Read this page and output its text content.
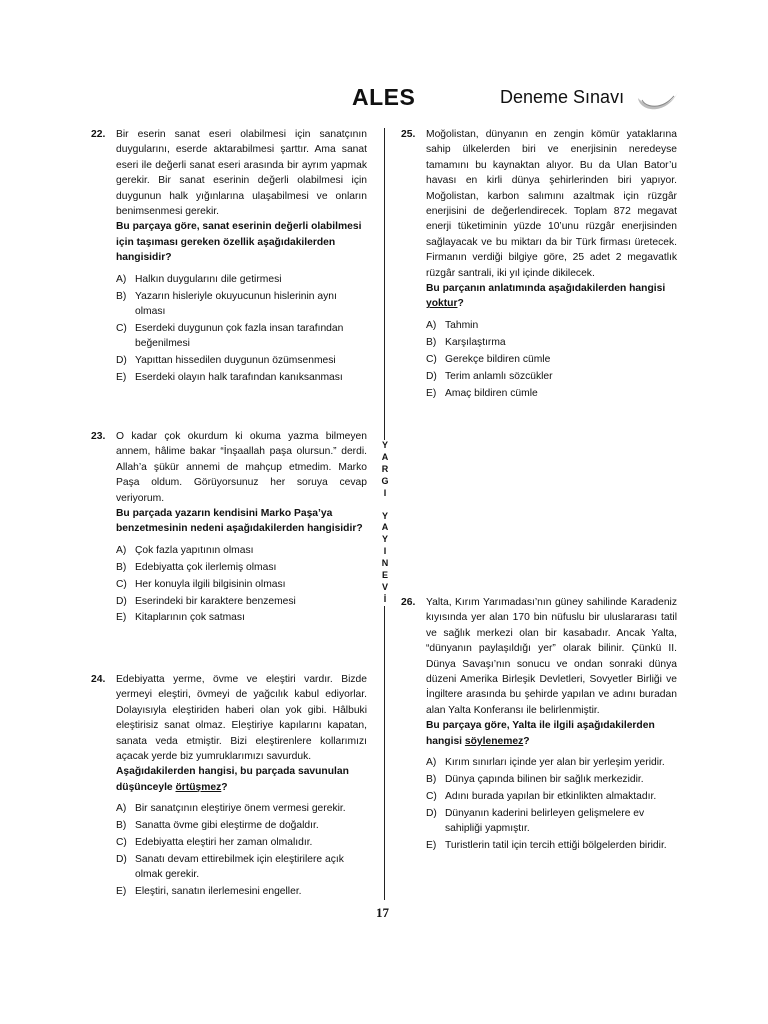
ALES	Deneme Sınavı
22.	Bir eserin sanat eseri olabilmesi için sanatçının duygularını, eserde aktarabilmesi şarttır. Ama sanat eseri ile değerli sanat eseri arasında bir ayrım yapmak gerekir. Bir sanat eserinin değerli olabilmesi için duygunun halk yığınlarına ulaşabilmesi ve onların benimsenmesi gerekir.
Bu parçaya göre, sanat eserinin değerli olabilmesi için taşıması gereken özellik aşağıdakilerden hangisidir?
A) Halkın duygularını dile getirmesi
B) Yazarın hisleriyle okuyucunun hislerinin aynı olması
C) Eserdeki duygunun çok fazla insan tarafından beğenilmesi
D) Yapıttan hissedilen duygunun özümsenmesi
E) Eserdeki olayın halk tarafından kanıksanması
23.	O kadar çok okurdum ki okuma yazma bilmeyen annem, hâlime bakar “İnşaallah paşa olursun.” derdi. Allah’a şükür annemi de mahçup etmedim. Marko Paşa oldum. Görüyorsunuz her soruya cevap veriyorum.
Bu parçada yazarın kendisini Marko Paşa’ya benzetmesinin nedeni aşağıdakilerden hangisidir?
A) Çok fazla yapıtının olması
B) Edebiyatta çok ilerlemiş olması
C) Her konuyla ilgili bilgisinin olması
D) Eserindeki bir karaktere benzemesi
E) Kitaplarının çok satması
24.	Edebiyatta yerme, övme ve eleştiri vardır. Bizde yermeyi eleştiri, övmeyi de yağcılık kabul ediyorlar. Dolayısıyla eleştiriden haberi olan yok gibi. Hâlbuki eleştirisiz sanat olmaz. Eleştiriye kapılarını kapatan, sanata veda etmiştir. Bizi eleştirenlere kollarımızı açacak yerde biz yumruklarımızı savurduk.
Aşağıdakilerden hangisi, bu parçada savunulan düşünceyle örtüşmez?
A) Bir sanatçının eleştiriye önem vermesi gerekir.
B) Sanatta övme gibi eleştirme de doğaldır.
C) Edebiyatta eleştiri her zaman olmalıdır.
D) Sanatı devam ettirebilmek için eleştirilere açık olmak gerekir.
E) Eleştiri, sanatın ilerlemesini engeller.
25.	Moğolistan, dünyanın en zengin kömür yataklarına sahip ülkelerden biri ve enerjisinin neredeyse tamamını bu kaynaktan alıyor. Bu da Ulan Bator’u havası en kirli dünya şehirlerinden biri yapıyor. Moğolistan, karbon salımını azaltmak için rüzgâr enerjisini de değerlendirecek. Toplam 872 megavat enerji tüketiminin yüzde 10’unu rüzgâr enerjisinden sağlayacak ve bu miktarı da bir Türk firması üretecek. Firmanın verdiği bilgiye göre, 25 adet 2 megavatlık rüzgâr santrali, iki yıl içinde dikilecek.
Bu parçanın anlatımında aşağıdakilerden hangisi yoktur?
A) Tahmin
B) Karşılaştırma
C) Gerekçe bildiren cümle
D) Terim anlamlı sözcükler
E) Amaç bildiren cümle
26.	Yalta, Kırım Yarımadası’nın güney sahilinde Karadeniz kıyısında yer alan 170 bin nüfuslu bir uluslararası tatil ve sağlık merkezi olan bir kasabadır. Ancak Yalta, “dünyanın paylaşıldığı yer” olarak bilinir. Çünkü II. Dünya Savaşı’nın sonucu ve ondan sonraki dünya düzeni Amerika Birleşik Devletleri, Sovyetler Birliği ve İngiltere arasında bu şehirde yapılan ve adını buradan alan Yalta Konferansı ile belirlenmiştir.
Bu parçaya göre, Yalta ile ilgili aşağıdakilerden hangisi söylenemez?
A) Kırım sınırları içinde yer alan bir yerleşim yeridir.
B) Dünya çapında bilinen bir sağlık merkezidir.
C) Adını burada yapılan bir etkinlikten almaktadır.
D) Dünyanın kaderini belirleyen gelişmelere ev sahipliği yapmıştır.
E) Turistlerin tatil için tercih ettiği bölgelerden biridir.
Y
A
R
G
I
Y
A
Y
I
N
E
V
İ
17
